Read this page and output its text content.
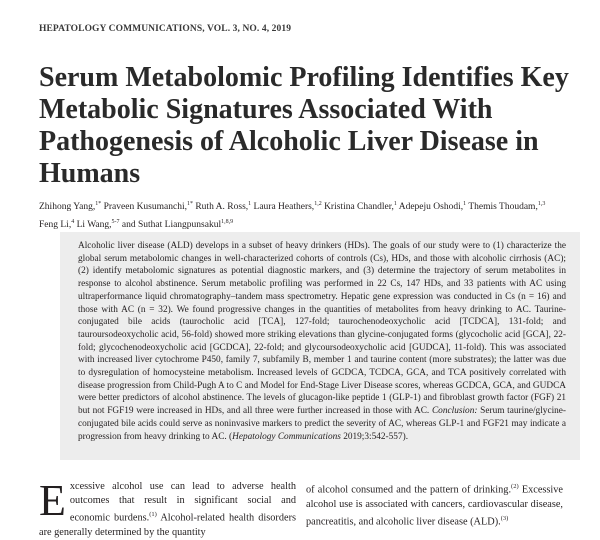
HEPATOLOGY COMMUNICATIONS, VOL. 3, NO. 4, 2019
Serum Metabolomic Profiling Identifies Key Metabolic Signatures Associated With Pathogenesis of Alcoholic Liver Disease in Humans
Zhihong Yang,$^{1*}$ Praveen Kusumanchi,$^{1*}$ Ruth A. Ross,$^1$ Laura Heathers,$^{1,2}$ Kristina Chandler,$^1$ Adepeju Oshodi,$^1$ Themis Thoudam,$^{1,3}$ Feng Li,$^4$ Li Wang,$^{5-7}$ and Suthat Liangpunsakul$^{1,8,9}$
Alcoholic liver disease (ALD) develops in a subset of heavy drinkers (HDs). The goals of our study were to (1) characterize the global serum metabolomic changes in well-characterized cohorts of controls (Cs), HDs, and those with alcoholic cirrhosis (AC); (2) identify metabolomic signatures as potential diagnostic markers, and (3) determine the trajectory of serum metabolites in response to alcohol abstinence. Serum metabolic profiling was performed in 22 Cs, 147 HDs, and 33 patients with AC using ultraperformance liquid chromatography–tandem mass spectrometry. Hepatic gene expression was conducted in Cs (n = 16) and those with AC (n = 32). We found progressive changes in the quantities of metabolites from heavy drinking to AC. Taurine-conjugated bile acids (taurocholic acid [TCA], 127-fold; taurochenodeoxycholic acid [TCDCA], 131-fold; and tauroursodeoxycholic acid, 56-fold) showed more striking elevations than glycine-conjugated forms (glycocholic acid [GCA], 22-fold; glycochenodeoxycholic acid [GCDCA], 22-fold; and glycoursodeoxycholic acid [GUDCA], 11-fold). This was associated with increased liver cytochrome P450, family 7, subfamily B, member 1 and taurine content (more substrates); the latter was due to dysregulation of homocysteine metabolism. Increased levels of GCDCA, TCDCA, GCA, and TCA positively correlated with disease progression from Child-Pugh A to C and Model for End-Stage Liver Disease scores, whereas GCDCA, GCA, and GUDCA were better predictors of alcohol abstinence. The levels of glucagon-like peptide 1 (GLP-1) and fibroblast growth factor (FGF) 21 but not FGF19 were increased in HDs, and all three were further increased in those with AC. Conclusion: Serum taurine/glycine-conjugated bile acids could serve as noninvasive markers to predict the severity of AC, whereas GLP-1 and FGF21 may indicate a progression from heavy drinking to AC. (Hepatology Communications 2019;3:542-557).
Excessive alcohol use can lead to adverse health outcomes that result in significant social and economic burdens.$^{(1)}$ Alcohol-related health disorders are generally determined by the quantity
of alcohol consumed and the pattern of drinking.$^{(2)}$ Excessive alcohol use is associated with cancers, cardiovascular disease, pancreatitis, and alcoholic liver disease (ALD).$^{(3)}$
